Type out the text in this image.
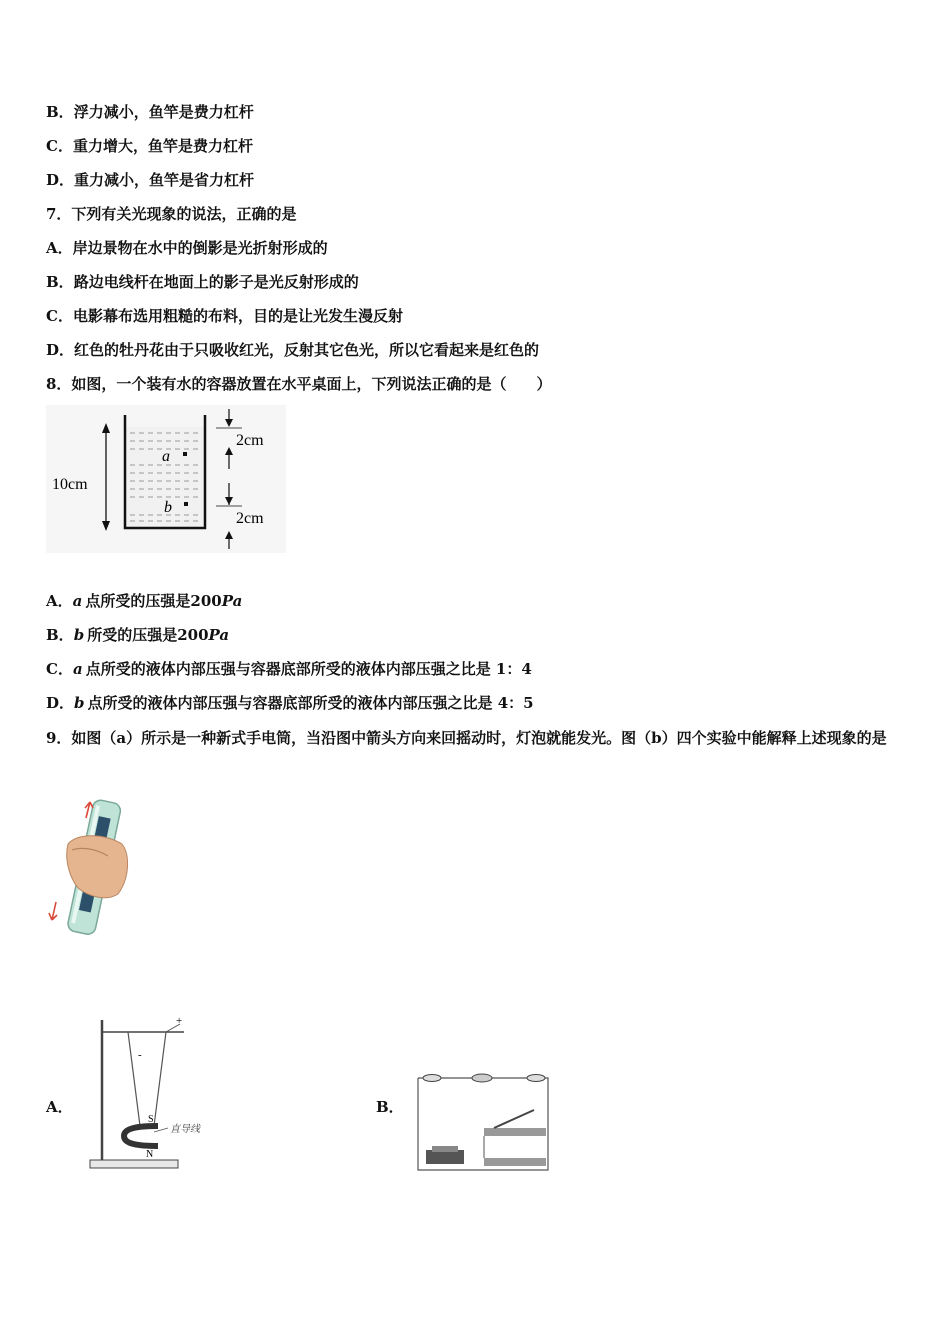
B．浮力减小，鱼竿是费力杠杆
C．重力增大，鱼竿是费力杠杆
D．重力减小，鱼竿是省力杠杆
7．下列有关光现象的说法，正确的是
A．岸边景物在水中的倒影是光折射形成的
B．路边电线杆在地面上的影子是光反射形成的
C．电影幕布选用粗糙的布料，目的是让光发生漫反射
D．红色的牡丹花由于只吸收红光，反射其它色光，所以它看起来是红色的
8．如图，一个装有水的容器放置在水平桌面上，下列说法正确的是（　　）
a
b
10cm
2cm
2cm
A．a 点所受的压强是200Pa
B．b 所受的压强是200Pa
C．a 点所受的液体内部压强与容器底部所受的液体内部压强之比是 1：4
D．b 点所受的液体内部压强与容器底部所受的液体内部压强之比是 4：5
9．如图（a）所示是一种新式手电筒，当沿图中箭头方向来回摇动时，灯泡就能发光。图（b）四个实验中能解释上述现象的是
A．
+
-
S
N
直导线
B．
